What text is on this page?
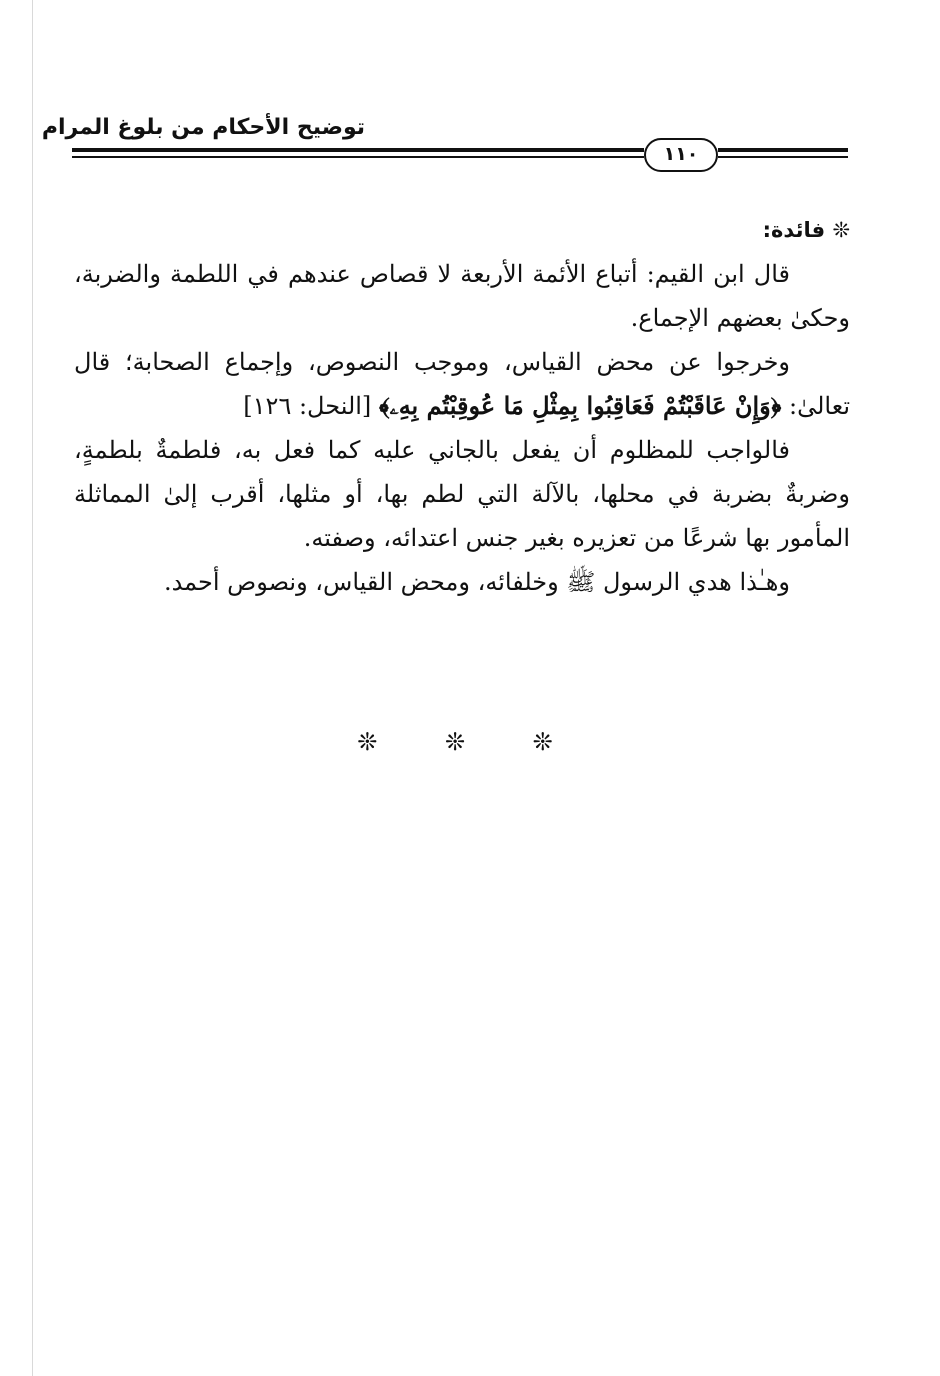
توضيح الأحكام من بلوغ المرام
١١٠
❊ فائدة:

قال ابن القيم: أتباع الأئمة الأربعة لا قصاص عندهم في اللطمة والضربة، وحكىٰ بعضهم الإجماع.

وخرجوا عن محض القياس، وموجب النصوص، وإجماع الصحابة؛ قال تعالىٰ: ﴿وَإِنْ عَاقَبْتُمْ فَعَاقِبُوا بِمِثْلِ مَا عُوقِبْتُم بِهِۦ﴾ [النحل: ١٢٦]

فالواجب للمظلوم أن يفعل بالجاني عليه كما فعل به، فلطمةٌ بلطمةٍ، وضربةٌ بضربة في محلها، بالآلة التي لطم بها، أو مثلها، أقرب إلىٰ المماثلة المأمور بها شرعًا من تعزيره بغير جنس اعتدائه، وصفته.

وهـٰذا هدي الرسول ﷺ وخلفائه، ومحض القياس، ونصوص أحمد.

❊ ❊ ❊
